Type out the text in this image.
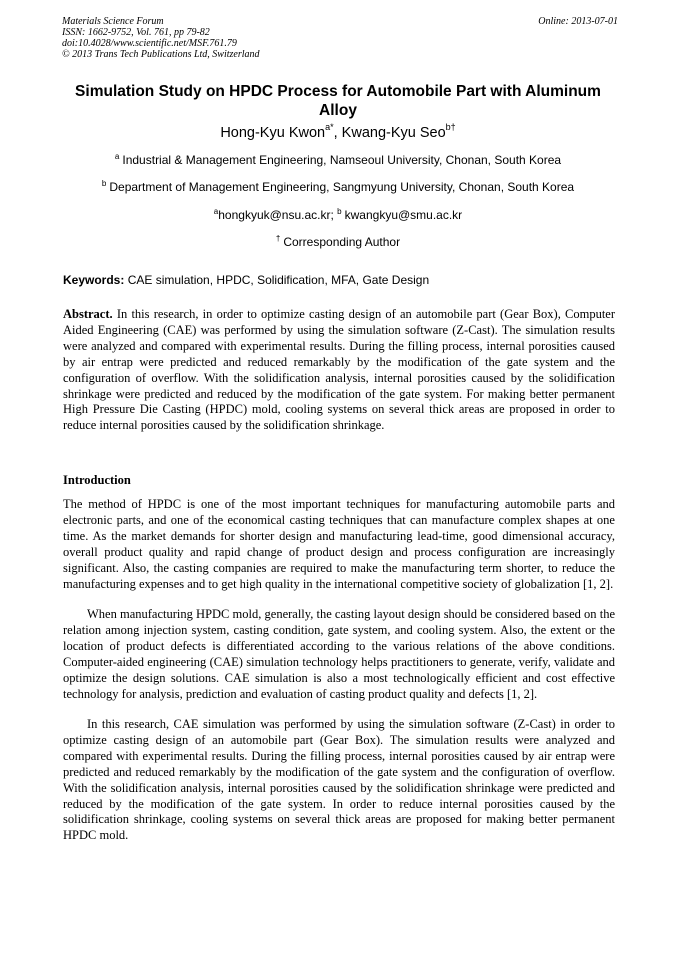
Materials Science Forum
ISSN: 1662-9752, Vol. 761, pp 79-82
doi:10.4028/www.scientific.net/MSF.761.79
© 2013 Trans Tech Publications Ltd, Switzerland
Online: 2013-07-01
Simulation Study on HPDC Process for Automobile Part with Aluminum Alloy
Hong-Kyu Kwon$^{a*}$, Kwang-Kyu Seo$^{b\dagger}$
$^a$ Industrial & Management Engineering, Namseoul University, Chonan, South Korea
$^b$ Department of Management Engineering, Sangmyung University, Chonan, South Korea
$^a$hongkyuk@nsu.ac.kr; $^b$ kwangkyu@smu.ac.kr
† Corresponding Author
Keywords: CAE simulation, HPDC, Solidification, MFA, Gate Design

Abstract. In this research, in order to optimize casting design of an automobile part (Gear Box), Computer Aided Engineering (CAE) was performed by using the simulation software (Z-Cast). The simulation results were analyzed and compared with experimental results. During the filling process, internal porosities caused by air entrap were predicted and reduced remarkably by the modification of the gate system and the configuration of overflow. With the solidification analysis, internal porosities caused by the solidification shrinkage were predicted and reduced by the modification of the gate system. For making better permanent High Pressure Die Casting (HPDC) mold, cooling systems on several thick areas are proposed in order to reduce internal porosities caused by the solidification shrinkage.

Introduction

The method of HPDC is one of the most important techniques for manufacturing automobile parts and electronic parts, and one of the economical casting techniques that can manufacture complex shapes at one time. As the market demands for shorter design and manufacturing lead-time, good dimensional accuracy, overall product quality and rapid change of product design and process configuration are increasingly significant. Also, the casting companies are required to make the manufacturing term shorter, to reduce the manufacturing expenses and to get high quality in the international competitive society of globalization [1, 2].

When manufacturing HPDC mold, generally, the casting layout design should be considered based on the relation among injection system, casting condition, gate system, and cooling system. Also, the extent or the location of product defects is differentiated according to the various relations of the above conditions. Computer-aided engineering (CAE) simulation technology helps practitioners to generate, verify, validate and optimize the design solutions. CAE simulation is also a most technologically efficient and cost effective technology for analysis, prediction and evaluation of casting product quality and defects [1, 2].

In this research, CAE simulation was performed by using the simulation software (Z-Cast) in order to optimize casting design of an automobile part (Gear Box). The simulation results were analyzed and compared with experimental results. During the filling process, internal porosities caused by air entrap were predicted and reduced remarkably by the modification of the gate system and the configuration of overflow. With the solidification analysis, internal porosities caused by the solidification shrinkage were predicted and reduced by the modification of the gate system. In order to reduce internal porosities caused by the solidification shrinkage, cooling systems on several thick areas are proposed for making better permanent HPDC mold.
